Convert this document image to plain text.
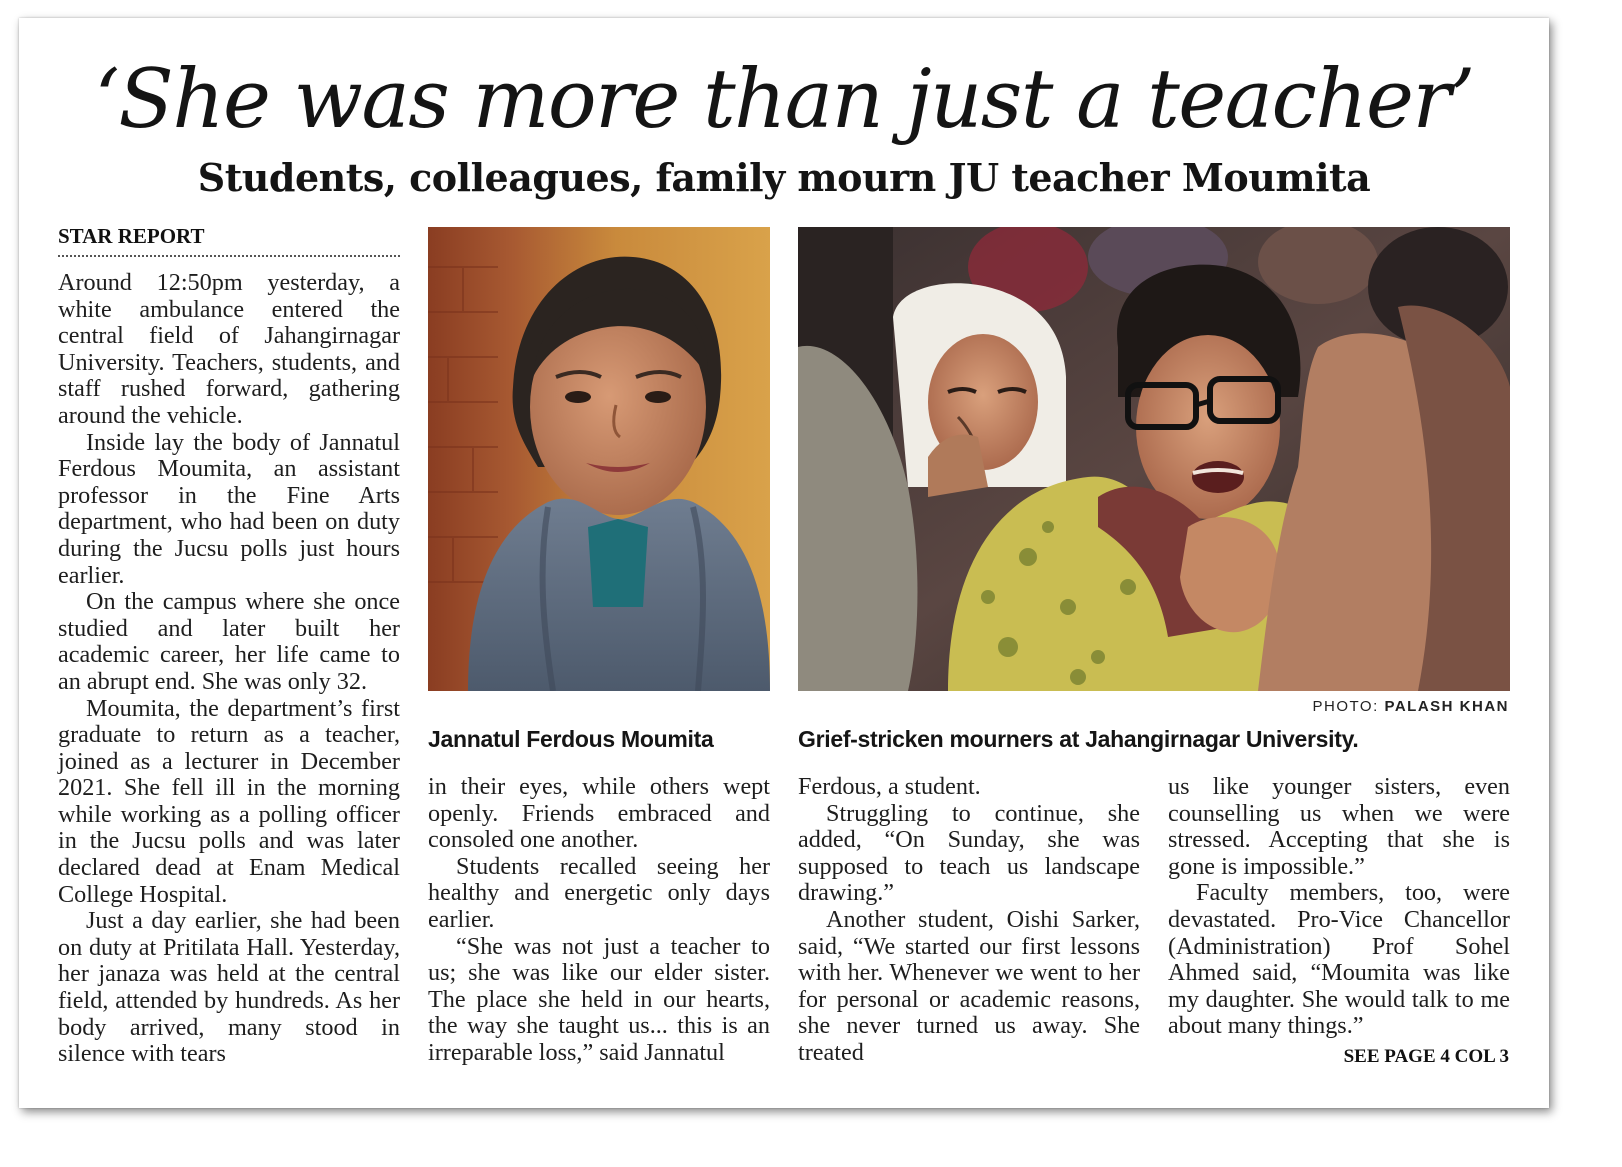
‘She was more than just a teacher’
Students, colleagues, family mourn JU teacher Moumita
STAR REPORT

Around 12:50pm yesterday, a white ambulance entered the central field of Jahangirnagar University. Teachers, students, and staff rushed forward, gathering around the vehicle.

Inside lay the body of Jannatul Ferdous Moumita, an assistant professor in the Fine Arts department, who had been on duty during the Jucsu polls just hours earlier.

On the campus where she once studied and later built her academic career, her life came to an abrupt end. She was only 32.

Moumita, the department’s first graduate to return as a teacher, joined as a lecturer in December 2021. She fell ill in the morning while working as a polling officer in the Jucsu polls and was later declared dead at Enam Medical College Hospital.

Just a day earlier, she had been on duty at Pritilata Hall. Yesterday, her janaza was held at the central field, attended by hundreds. As her body arrived, many stood in silence with tears

PHOTO: PALASH KHAN
Jannatul Ferdous Moumita	Grief-stricken mourners at Jahangirnagar University.

in their eyes, while others wept openly. Friends embraced and consoled one another.

Students recalled seeing her healthy and energetic only days earlier.

“She was not just a teacher to us; she was like our elder sister. The place she held in our hearts, the way she taught us... this is an irreparable loss,” said Jannatul

Ferdous, a student.

Struggling to continue, she added, “On Sunday, she was supposed to teach us landscape drawing.”

Another student, Oishi Sarker, said, “We started our first lessons with her. Whenever we went to her for personal or academic reasons, she never turned us away. She treated

us like younger sisters, even counselling us when we were stressed. Accepting that she is gone is impossible.”

Faculty members, too, were devastated. Pro-Vice Chancellor (Administration) Prof Sohel Ahmed said, “Moumita was like my daughter. She would talk to me about many things.”

SEE PAGE 4 COL 3
